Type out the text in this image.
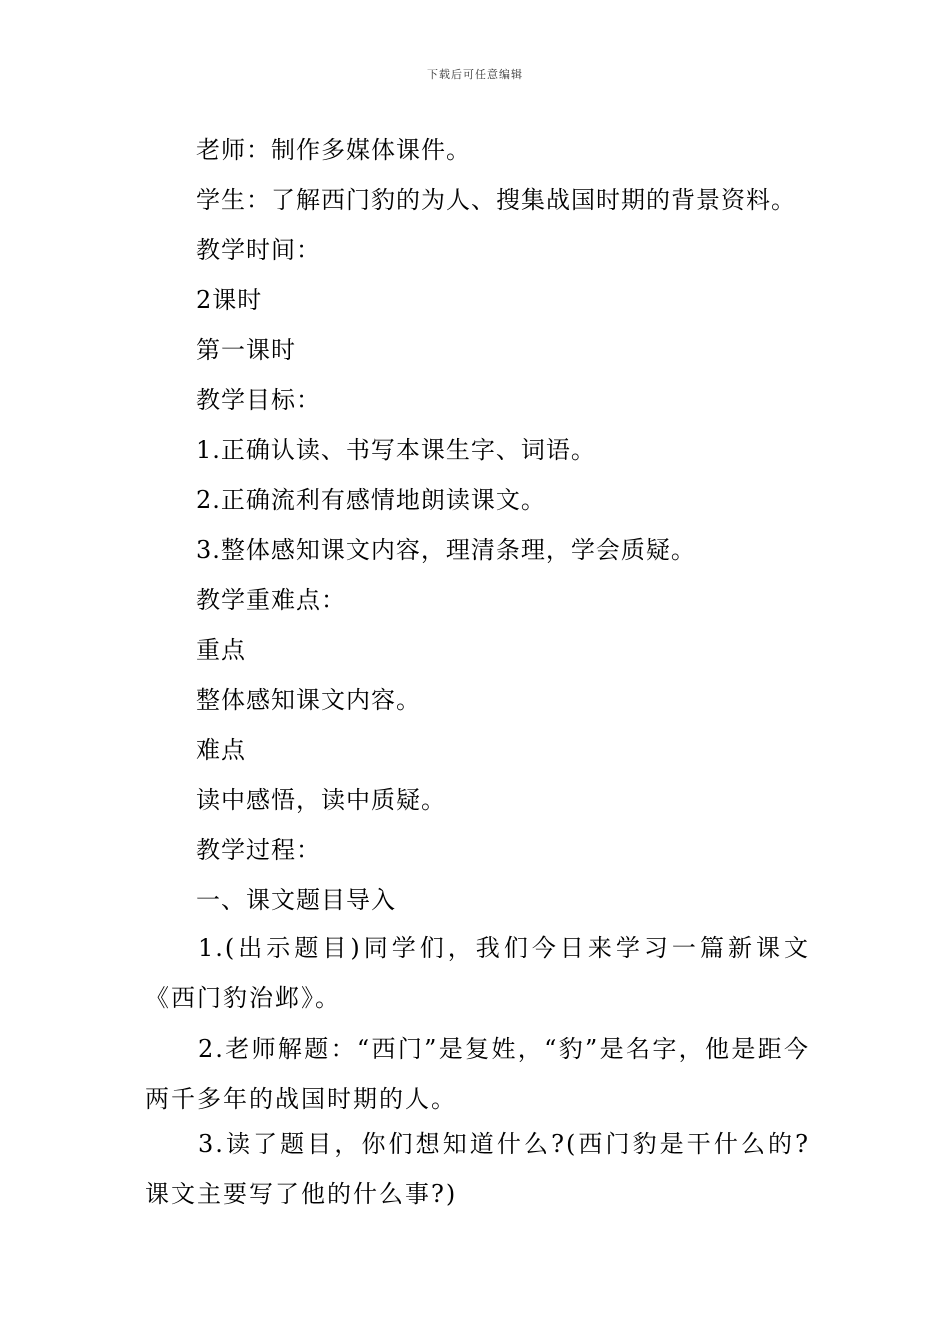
下载后可任意编辑
老师：制作多媒体课件。
学生：了解西门豹的为人、搜集战国时期的背景资料。
教学时间：
2课时
第一课时
教学目标：
1.正确认读、书写本课生字、词语。
2.正确流利有感情地朗读课文。
3.整体感知课文内容，理清条理，学会质疑。
教学重难点：
重点
整体感知课文内容。
难点
读中感悟，读中质疑。
教学过程：
一、课文题目导入
1.(出示题目)同学们，我们今日来学习一篇新课文《西门豹治邺》。
2.老师解题：“西门”是复姓，“豹”是名字，他是距今两千多年的战国时期的人。
3.读了题目，你们想知道什么?(西门豹是干什么的?课文主要写了他的什么事?)
